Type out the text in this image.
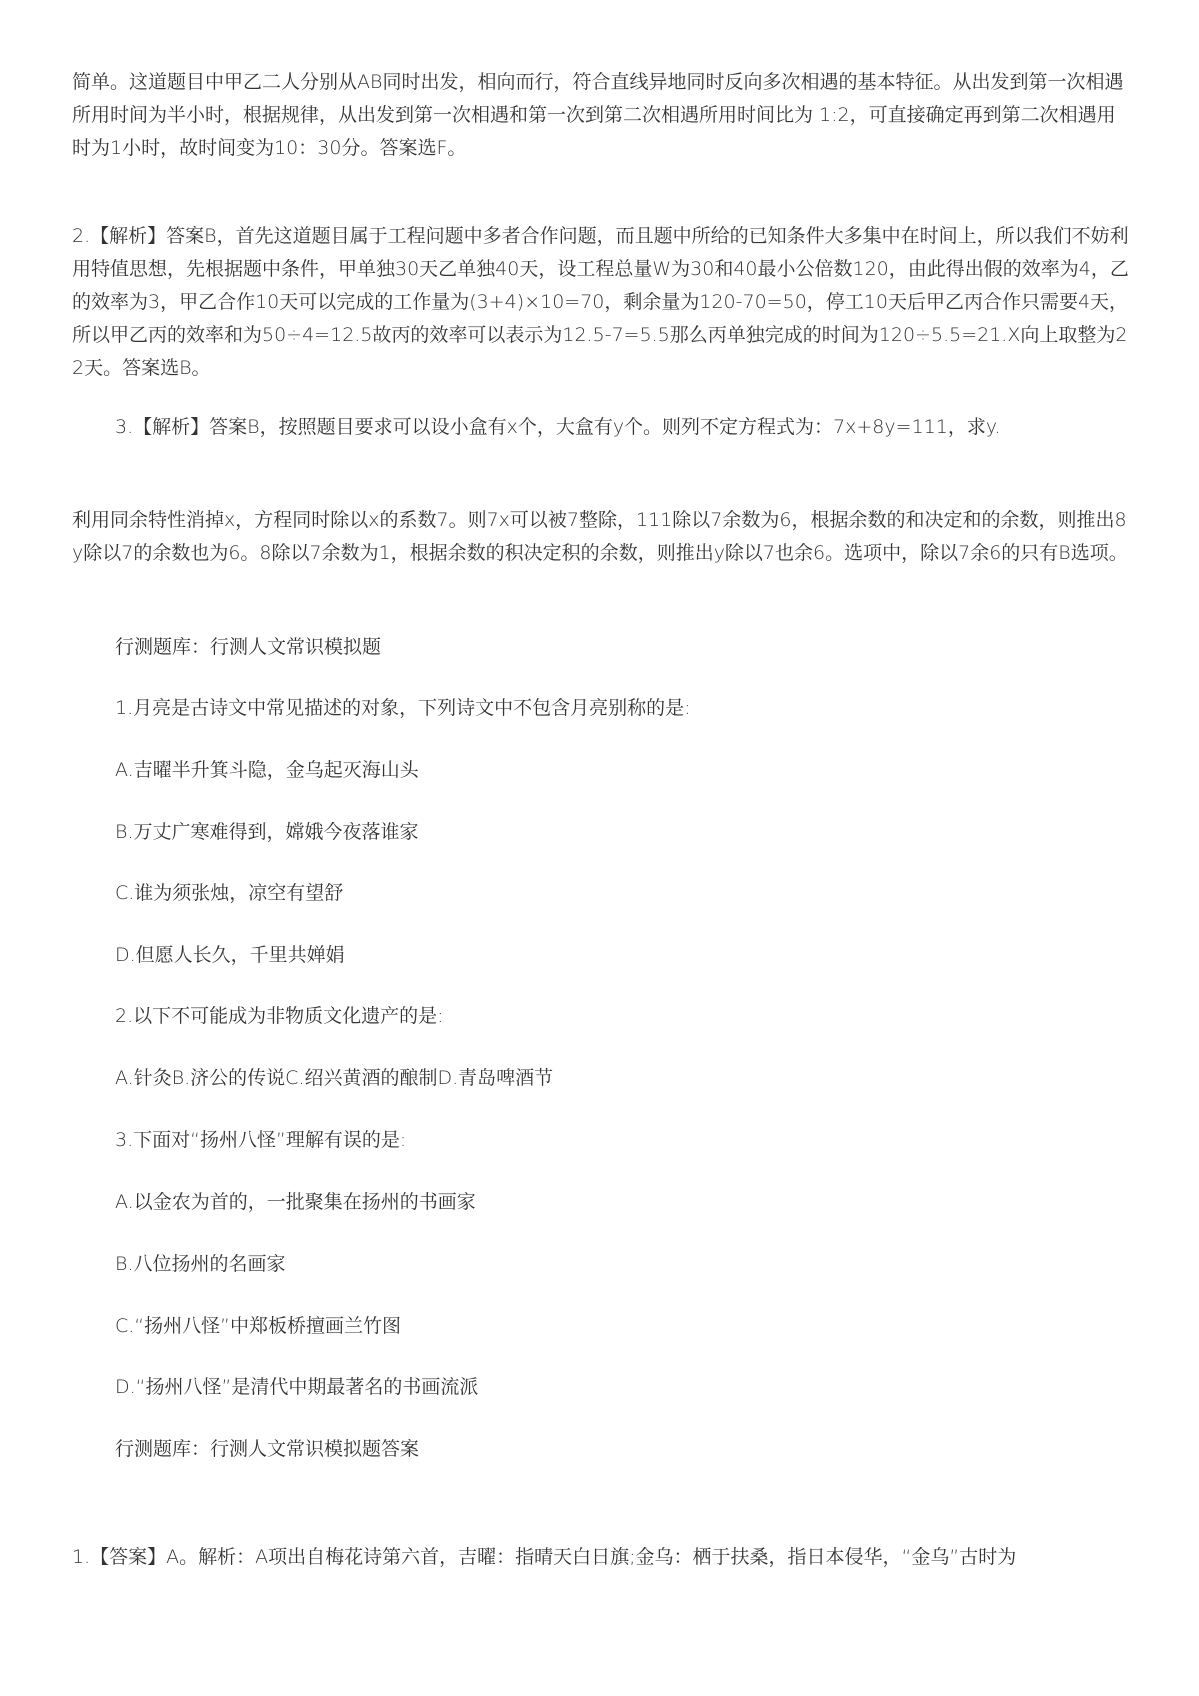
简单。这道题目中甲乙二人分别从AB同时出发，相向而行，符合直线异地同时反向多次相遇的基本特征。从出发到第一次相遇所用时间为半小时，根据规律，从出发到第一次相遇和第一次到第二次相遇所用时间比为 1:2，可直接确定再到第二次相遇用时为1小时，故时间变为10：30分。答案选F。

2.【解析】答案B，首先这道题目属于工程问题中多者合作问题，而且题中所给的已知条件大多集中在时间上，所以我们不妨利用特值思想，先根据题中条件，甲单独30天乙单独40天，设工程总量W为30和40最小公倍数120，由此得出假的效率为4，乙的效率为3，甲乙合作10天可以完成的工作量为(3+4)×10=70，剩余量为120-70=50，停工10天后甲乙丙合作只需要4天，所以甲乙丙的效率和为50÷4=12.5故丙的效率可以表示为12.5-7=5.5那么丙单独完成的时间为120÷5.5=21.X向上取整为22天。答案选B。

3.【解析】答案B，按照题目要求可以设小盒有x个，大盒有y个。则列不定方程式为：7x+8y=111，求y.

利用同余特性消掉x，方程同时除以x的系数7。则7x可以被7整除，111除以7余数为6，根据余数的和决定和的余数，则推出8y除以7的余数也为6。8除以7余数为1，根据余数的积决定积的余数，则推出y除以7也余6。选项中，除以7余6的只有B选项。

行测题库：行测人文常识模拟题

1.月亮是古诗文中常见描述的对象，下列诗文中不包含月亮别称的是:

A.吉曜半升箕斗隐，金乌起灭海山头

B.万丈广寒难得到，嫦娥今夜落谁家

C.谁为须张烛，凉空有望舒

D.但愿人长久，千里共婵娟

2.以下不可能成为非物质文化遗产的是:

A.针灸B.济公的传说C.绍兴黄酒的酿制D.青岛啤酒节

3.下面对“扬州八怪”理解有误的是:

A.以金农为首的，一批聚集在扬州的书画家

B.八位扬州的名画家

C.“扬州八怪”中郑板桥擅画兰竹图

D.“扬州八怪”是清代中期最著名的书画流派

行测题库：行测人文常识模拟题答案

1.【答案】A。解析：A项出自梅花诗第六首，吉曜：指晴天白日旗;金乌：栖于扶桑，指日本侵华，“金乌”古时为
